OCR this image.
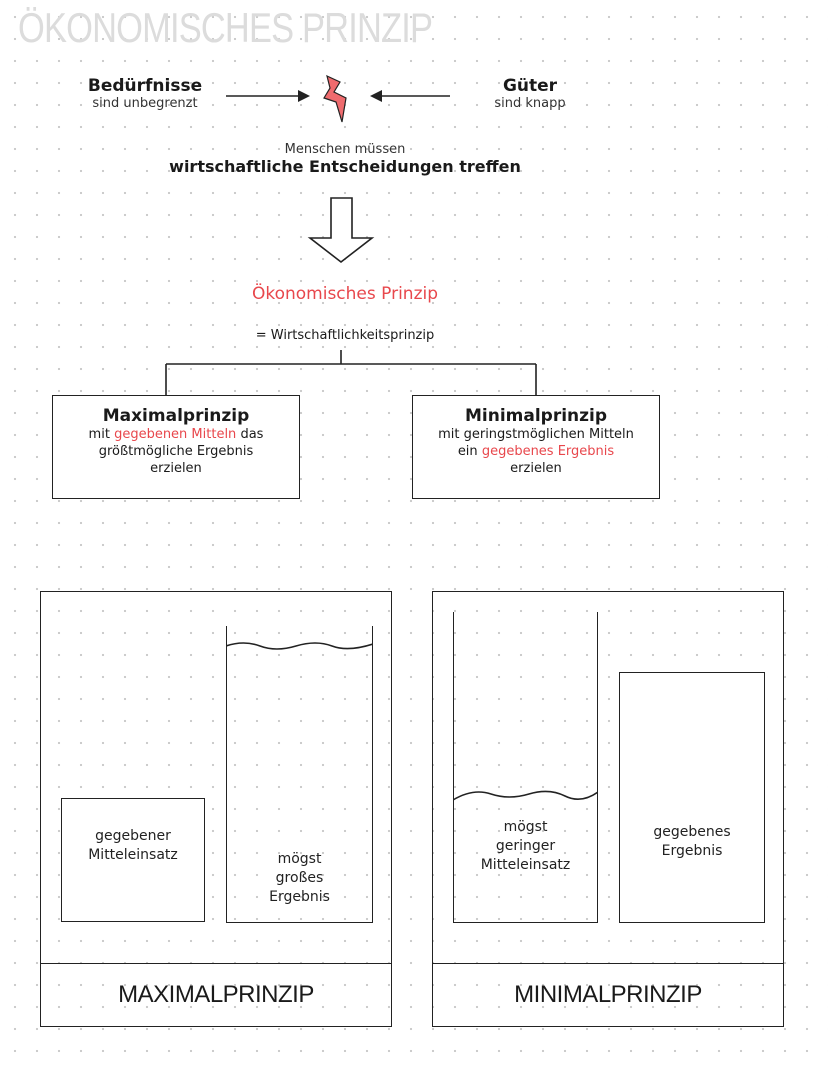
ÖKONOMISCHES PRINZIP
Bedürfnisse
sind unbegrenzt
Güter
sind knapp
Menschen müssen
wirtschaftliche Entscheidungen treffen
Ökonomisches Prinzip
= Wirtschaftlichkeitsprinzip
Maximalprinzip
mit gegebenen Mitteln das
größtmögliche Ergebnis
erzielen
Minimalprinzip
mit geringstmöglichen Mitteln
ein gegebenes Ergebnis
erzielen
gegebener
Mitteleinsatz	mögst
großes
Ergebnis
MAXIMALPRINZIP
mögst
geringer
Mitteleinsatz
gegebenes
Ergebnis
MINIMALPRINZIP
